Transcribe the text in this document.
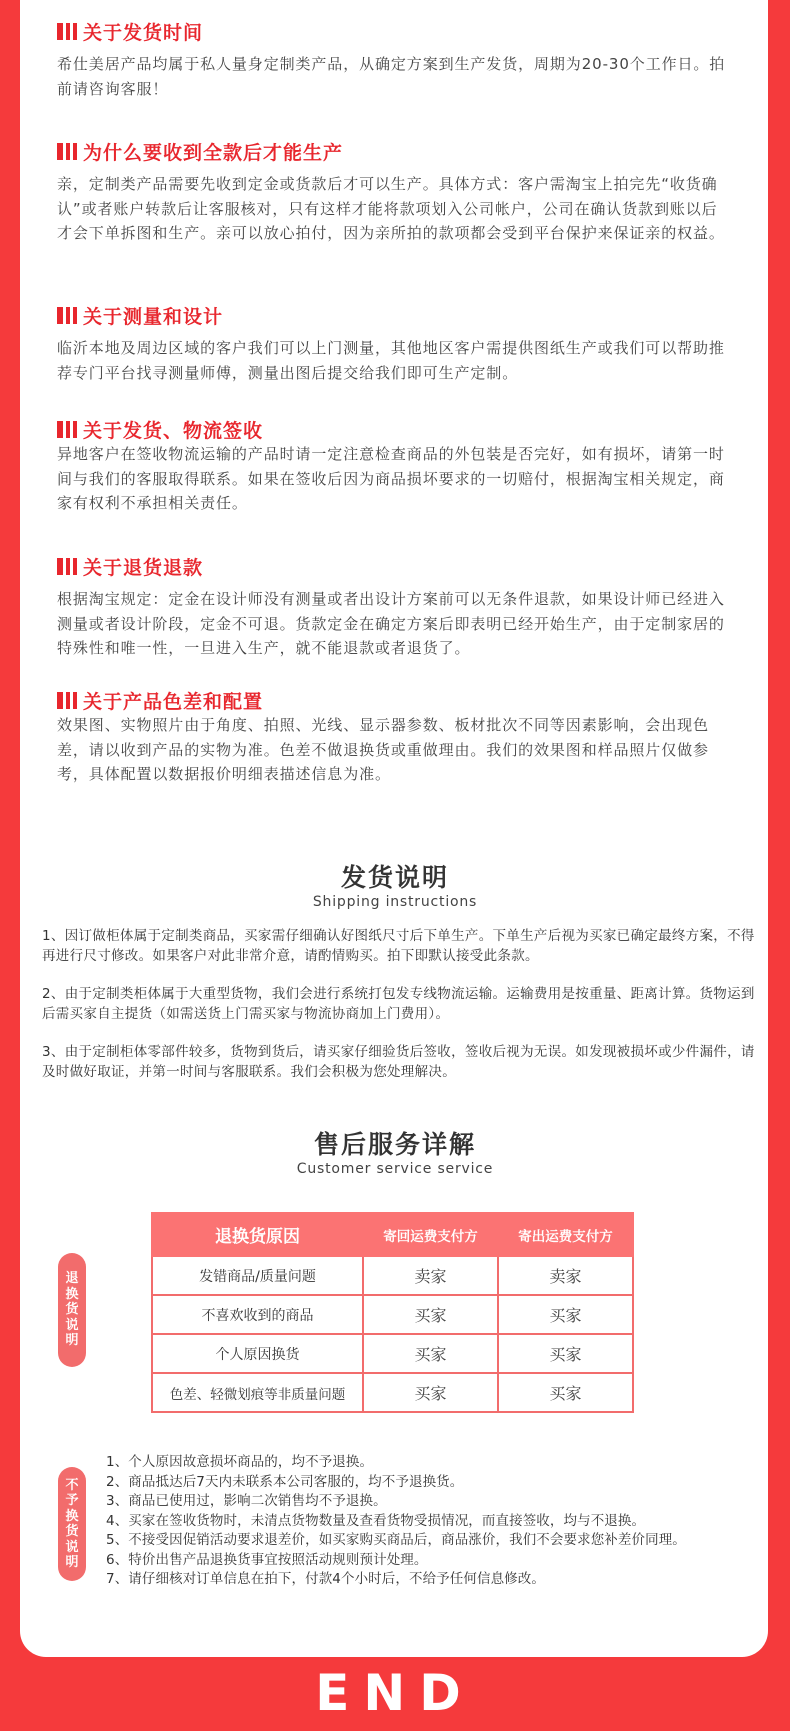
关于发货时间

希仕美居产品均属于私人量身定制类产品，从确定方案到生产发货，周期为20-30个工作日。拍前请咨询客服！

为什么要收到全款后才能生产

亲，定制类产品需要先收到定金或货款后才可以生产。具体方式：客户需淘宝上拍完先“收货确认”或者账户转款后让客服核对，只有这样才能将款项划入公司帐户，公司在确认货款到账以后才会下单拆图和生产。亲可以放心拍付，因为亲所拍的款项都会受到平台保护来保证亲的权益。

关于测量和设计

临沂本地及周边区域的客户我们可以上门测量，其他地区客户需提供图纸生产或我们可以帮助推荐专门平台找寻测量师傅，测量出图后提交给我们即可生产定制。

关于发货、物流签收

异地客户在签收物流运输的产品时请一定注意检查商品的外包装是否完好，如有损坏，请第一时间与我们的客服取得联系。如果在签收后因为商品损坏要求的一切赔付，根据淘宝相关规定，商家有权利不承担相关责任。

关于退货退款

根据淘宝规定：定金在设计师没有测量或者出设计方案前可以无条件退款，如果设计师已经进入测量或者设计阶段，定金不可退。货款定金在确定方案后即表明已经开始生产，由于定制家居的特殊性和唯一性，一旦进入生产，就不能退款或者退货了。

关于产品色差和配置

效果图、实物照片由于角度、拍照、光线、显示器参数、板材批次不同等因素影响，会出现色差，请以收到产品的实物为准。色差不做退换货或重做理由。我们的效果图和样品照片仅做参考，具体配置以数据报价明细表描述信息为准。

发货说明
Shipping instructions

1、因订做柜体属于定制类商品，买家需仔细确认好图纸尺寸后下单生产。下单生产后视为买家已确定最终方案，不得再进行尺寸修改。如果客户对此非常介意，请酌情购买。拍下即默认接受此条款。

2、由于定制类柜体属于大重型货物，我们会进行系统打包发专线物流运输。运输费用是按重量、距离计算。货物运到后需买家自主提货（如需送货上门需买家与物流协商加上门费用）。

3、由于定制柜体零部件较多，货物到货后，请买家仔细验货后签收，签收后视为无误。如发现被损坏或少件漏件，请及时做好取证，并第一时间与客服联系。我们会积极为您处理解决。

售后服务详解
Customer service service
退换货说明
退换货原因	寄回运费支付方	寄出运费支付方
发错商品/质量问题	卖家	卖家
不喜欢收到的商品	买家	买家
个人原因换货	买家	买家
色差、轻微划痕等非质量问题	买家	买家
不予换货说明
1、个人原因故意损坏商品的，均不予退换。
2、商品抵达后7天内未联系本公司客服的，均不予退换货。
3、商品已使用过，影响二次销售均不予退换。
4、买家在签收货物时，未清点货物数量及查看货物受损情况，而直接签收，均与不退换。
5、不接受因促销活动要求退差价，如买家购买商品后，商品涨价，我们不会要求您补差价同理。
6、特价出售产品退换货事宜按照活动规则预计处理。
7、请仔细核对订单信息在拍下，付款4个小时后，不给予任何信息修改。
END
